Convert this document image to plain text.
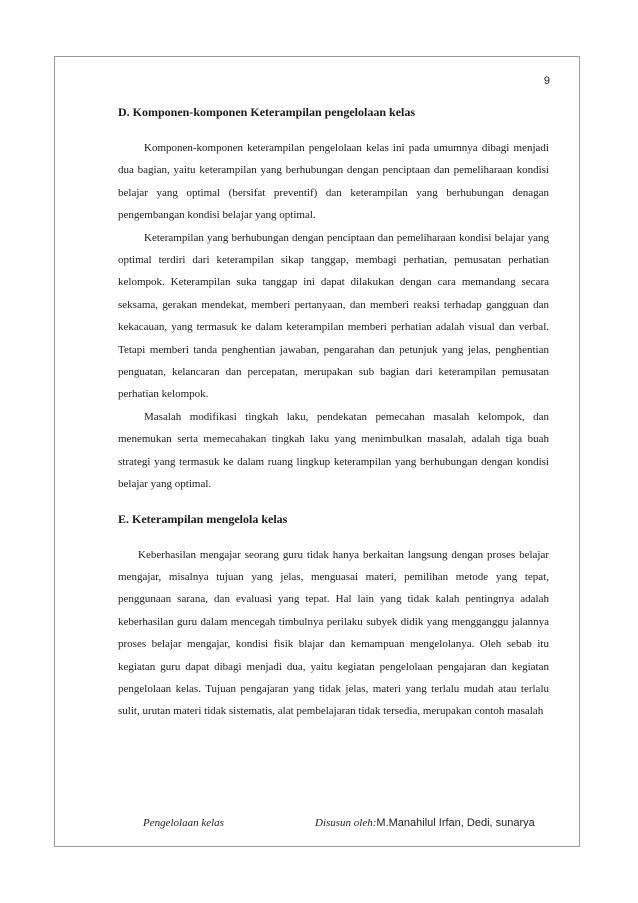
9
D. Komponen-komponen Keterampilan pengelolaan kelas

Komponen-komponen keterampilan pengelolaan kelas ini pada umumnya dibagi menjadi dua bagian, yaitu keterampilan yang berhubungan dengan penciptaan dan pemeliharaan kondisi belajar yang optimal (bersifat preventif) dan keterampilan yang berhubungan denagan pengembangan kondisi belajar yang optimal.

Keterampilan yang berhubungan dengan penciptaan dan pemeliharaan kondisi belajar yang optimal terdiri dari keterampilan sikap tanggap, membagi perhatian, pemusatan perhatian kelompok. Keterampilan suka tanggap ini dapat dilakukan dengan cara memandang secara seksama, gerakan mendekat, memberi pertanyaan, dan memberi reaksi terhadap gangguan dan kekacauan, yang termasuk ke dalam keterampilan memberi perhatian adalah visual dan verbal. Tetapi memberi tanda penghentian jawaban, pengarahan dan petunjuk yang jelas, penghentian penguatan, kelancaran dan percepatan, merupakan sub bagian dari keterampilan pemusatan perhatian kelompok.

Masalah modifikasi tingkah laku, pendekatan pemecahan masalah kelompok, dan menemukan serta memecahakan tingkah laku yang menimbulkan masalah, adalah tiga buah strategi yang termasuk ke dalam ruang lingkup keterampilan yang berhubungan dengan kondisi belajar yang optimal.

E. Keterampilan mengelola kelas

Keberhasilan mengajar seorang guru tidak hanya berkaitan langsung dengan proses belajar mengajar, misalnya tujuan yang jelas, menguasai materi, pemilihan metode yang tepat, penggunaan sarana, dan evaluasi yang tepat. Hal lain yang tidak kalah pentingnya adalah keberhasilan guru dalam mencegah timbulnya perilaku subyek didik yang mengganggu jalannya proses belajar mengajar, kondisi fisik blajar dan kemampuan mengelolanya. Oleh sebab itu kegiatan guru dapat dibagi menjadi dua, yaitu kegiatan pengelolaan pengajaran dan kegiatan pengelolaan kelas. Tujuan pengajaran yang tidak jelas, materi yang terlalu mudah atau terlalu sulit, urutan materi tidak sistematis, alat pembelajaran tidak tersedia, merupakan contoh masalah

Pengelolaan kelas	Disusun oleh:M.Manahilul Irfan, Dedi, sunarya
